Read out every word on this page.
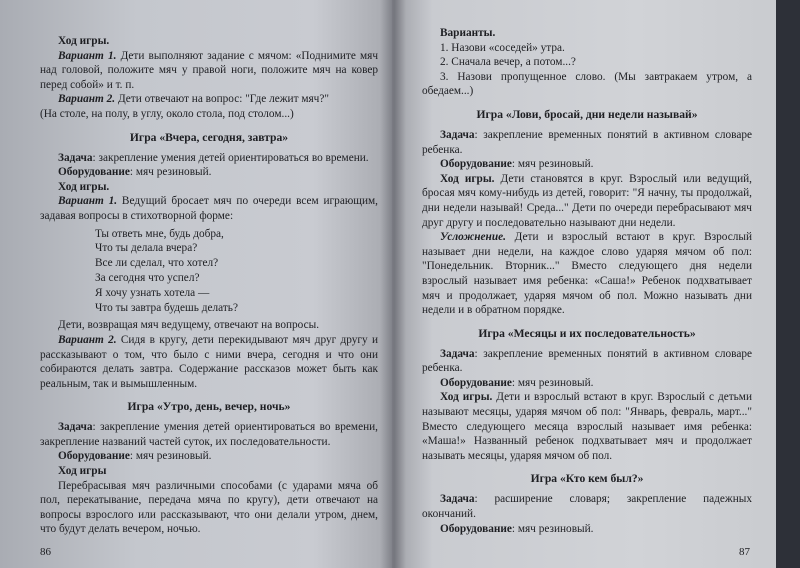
Ход игры.

Вариант 1. Дети выполняют задание с мячом: «Поднимите мяч над головой, положите мяч у правой ноги, положите мяч на ковер перед собой» и т. п.

Вариант 2. Дети отвечают на вопрос: "Где лежит мяч?"

(На столе, на полу, в углу, около стола, под столом...)

Игра «Вчера, сегодня, завтра»

Задача: закрепление умения детей ориентироваться во времени.

Оборудование: мяч резиновый.

Ход игры.

Вариант 1. Ведущий бросает мяч по очереди всем играющим, задавая вопросы в стихотворной форме:

Ты ответь мне, будь добра,
Что ты делала вчера?
Все ли сделал, что хотел?
За сегодня что успел?
Я хочу узнать хотела —
Что ты завтра будешь делать?

Дети, возвращая мяч ведущему, отвечают на вопросы.

Вариант 2. Сидя в кругу, дети перекидывают мяч друг другу и рассказывают о том, что было с ними вчера, сегодня и что они собираются делать завтра. Содержание рассказов может быть как реальным, так и вымышленным.

Игра «Утро, день, вечер, ночь»

Задача: закрепление умения детей ориентироваться во времени, закрепление названий частей суток, их последовательности.

Оборудование: мяч резиновый.

Ход игры

Перебрасывая мяч различными способами (с ударами мяча об пол, перекатывание, передача мяча по кругу), дети отвечают на вопросы взрослого или рассказывают, что они делали утром, днем, что будут делать вечером, ночью.

86

Варианты.

1. Назови «соседей» утра.

2. Сначала вечер, а потом...?

3. Назови пропущенное слово. (Мы завтракаем утром, а обедаем...)

Игра «Лови, бросай, дни недели называй»

Задача: закрепление временных понятий в активном словаре ребенка.

Оборудование: мяч резиновый.

Ход игры. Дети становятся в круг. Взрослый или ведущий, бросая мяч кому-нибудь из детей, говорит: "Я начну, ты продолжай, дни недели называй! Среда..." Дети по очереди перебрасывают мяч друг другу и последовательно называют дни недели.

Усложнение. Дети и взрослый встают в круг. Взрослый называет дни недели, на каждое слово ударяя мячом об пол: "Понедельник. Вторник..." Вместо следующего дня недели взрослый называет имя ребенка: «Саша!» Ребенок подхватывает мяч и продолжает, ударяя мячом об пол. Можно называть дни недели и в обратном порядке.

Игра «Месяцы и их последовательность»

Задача: закрепление временных понятий в активном словаре ребенка.

Оборудование: мяч резиновый.

Ход игры. Дети и взрослый встают в круг. Взрослый с детьми называют месяцы, ударяя мячом об пол: "Январь, февраль, март..." Вместо следующего месяца взрослый называет имя ребенка: «Маша!» Названный ребенок подхватывает мяч и продолжает называть месяцы, ударяя мячом об пол.

Игра «Кто кем был?»

Задача: расширение словаря; закрепление падежных окончаний.

Оборудование: мяч резиновый.

87
